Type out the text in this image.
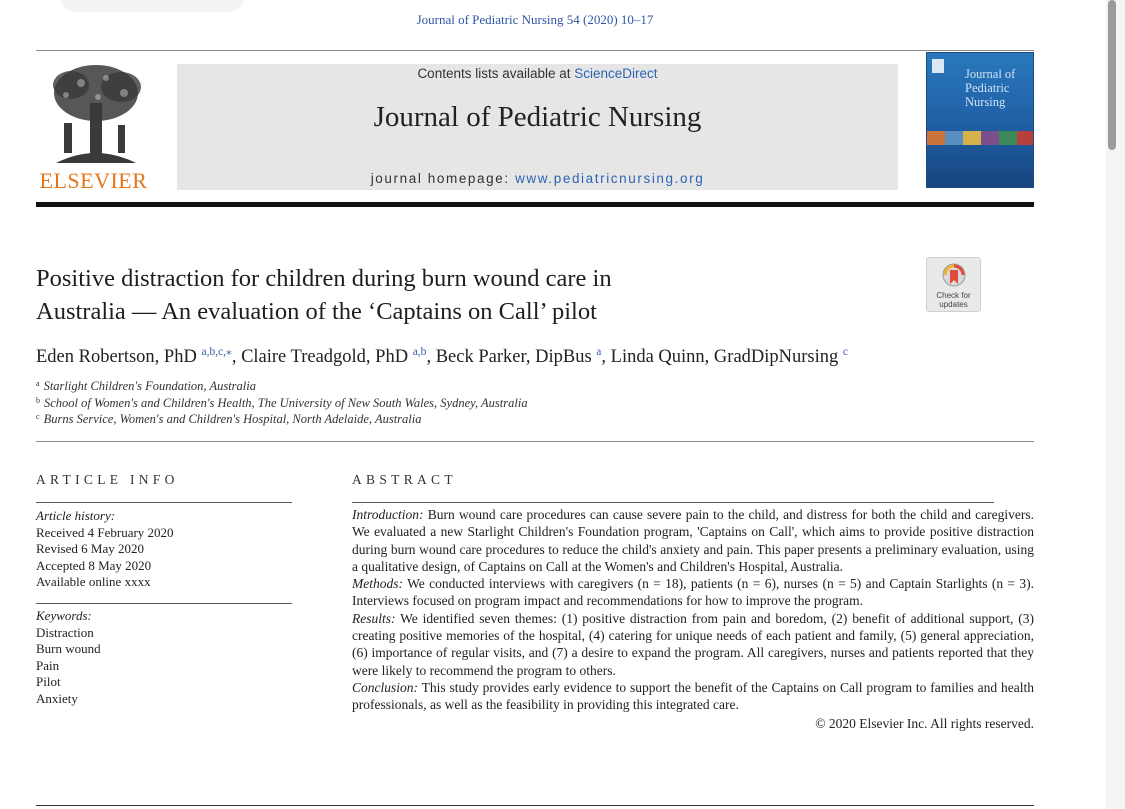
Journal of Pediatric Nursing 54 (2020) 10–17
ELSEVIER
Contents lists available at ScienceDirect
Journal of Pediatric Nursing
journal homepage: www.pediatricnursing.org
Journal of Pediatric Nursing
Positive distraction for children during burn wound care in
Australia — An evaluation of the ‘Captains on Call’ pilot
Check for updates
Eden Robertson, PhD $^{a,b,c,⁎}$, Claire Treadgold, PhD $^{a,b}$, Beck Parker, DipBus $^a$, Linda Quinn, GradDipNursing $^c$
$^a$ Starlight Children's Foundation, Australia
$^b$ School of Women's and Children's Health, The University of New South Wales, Sydney, Australia
$^c$ Burns Service, Women's and Children's Hospital, North Adelaide, Australia
ARTICLE INFO
Article history:
Received 4 February 2020
Revised 6 May 2020
Accepted 8 May 2020
Available online xxxx
Keywords:
Distraction
Burn wound
Pain
Pilot
Anxiety
ABSTRACT

Introduction: Burn wound care procedures can cause severe pain to the child, and distress for both the child and caregivers. We evaluated a new Starlight Children's Foundation program, 'Captains on Call', which aims to provide positive distraction during burn wound care procedures to reduce the child's anxiety and pain. This paper presents a preliminary evaluation, using a qualitative design, of Captains on Call at the Women's and Children's Hospital, Australia.

Methods: We conducted interviews with caregivers (n = 18), patients (n = 6), nurses (n = 5) and Captain Starlights (n = 3). Interviews focused on program impact and recommendations for how to improve the program.

Results: We identified seven themes: (1) positive distraction from pain and boredom, (2) benefit of additional support, (3) creating positive memories of the hospital, (4) catering for unique needs of each patient and family, (5) general appreciation, (6) importance of regular visits, and (7) a desire to expand the program. All caregivers, nurses and patients reported that they were likely to recommend the program to others.

Conclusion: This study provides early evidence to support the benefit of the Captains on Call program to families and health professionals, as well as the feasibility in providing this integrated care.

© 2020 Elsevier Inc. All rights reserved.
